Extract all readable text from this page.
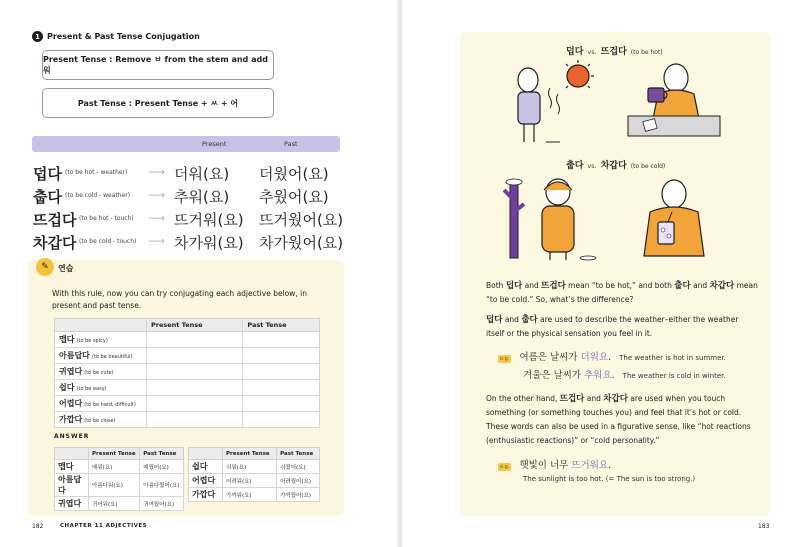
1 Present & Past Tense Conjugation
Present Tense : Remove ㅂ from the stem and add 워
Past Tense : Present Tense + ㅆ + 어
Present	Past
덥다 (to be hot - weather) ⟶ 더워(요) 더웠어(요)
춥다 (to be cold - weather) ⟶ 추워(요) 추웠어(요)
뜨겁다 (to be hot - touch) ⟶ 뜨거워(요) 뜨거웠어(요)
차갑다 (to be cold - touch) ⟶ 차가워(요) 차가웠어(요)
✎	연습
With this rule, now you can try conjugating each adjective below, in present and past tense.
	Present Tense	Past Tense
맵다 (to be spicy)		
아름답다 (to be beautiful)		
귀엽다 (to be cute)		
쉽다 (to be easy)		
어렵다 (to be hard, difficult)		
가깝다 (to be close)		
ANSWER
	Present Tense	Past Tense
맵다	매워(요)	매웠어(요)
아름답다	아름다워(요)	아름다웠어(요)
귀엽다	귀여워(요)	귀여웠어(요)
	Present Tense	Past Tense
쉽다	쉬워(요)	쉬웠어(요)
어렵다	어려워(요)	어려웠어(요)
가깝다	가까워(요)	가까웠어(요)
182	CHAPTER 11 ADJECTIVES
덥다 vs. 뜨겁다 (to be hot)
춥다 vs. 차갑다 (to be cold)
Both 덥다 and 뜨겁다 mean “to be hot,” and both 춥다 and 차갑다 mean “to be cold.” So, what’s the difference?
덥다 and 춥다 are used to describe the weather–either the weather itself or the physical sensation you feel in it.
e.g. 여름은 날씨가 더워요. The weather is hot in summer.
겨울은 날씨가 추워요. The weather is cold in winter.
On the other hand, 뜨겁다 and 차갑다 are used when you touch something (or something touches you) and feel that it’s hot or cold. These words can also be used in a figurative sense, like “hot reactions (enthusiastic reactions)” or “cold personality.”
e.g. 햇빛이 너무 뜨거워요.
The sunlight is too hot. (= The sun is too strong.)
183
